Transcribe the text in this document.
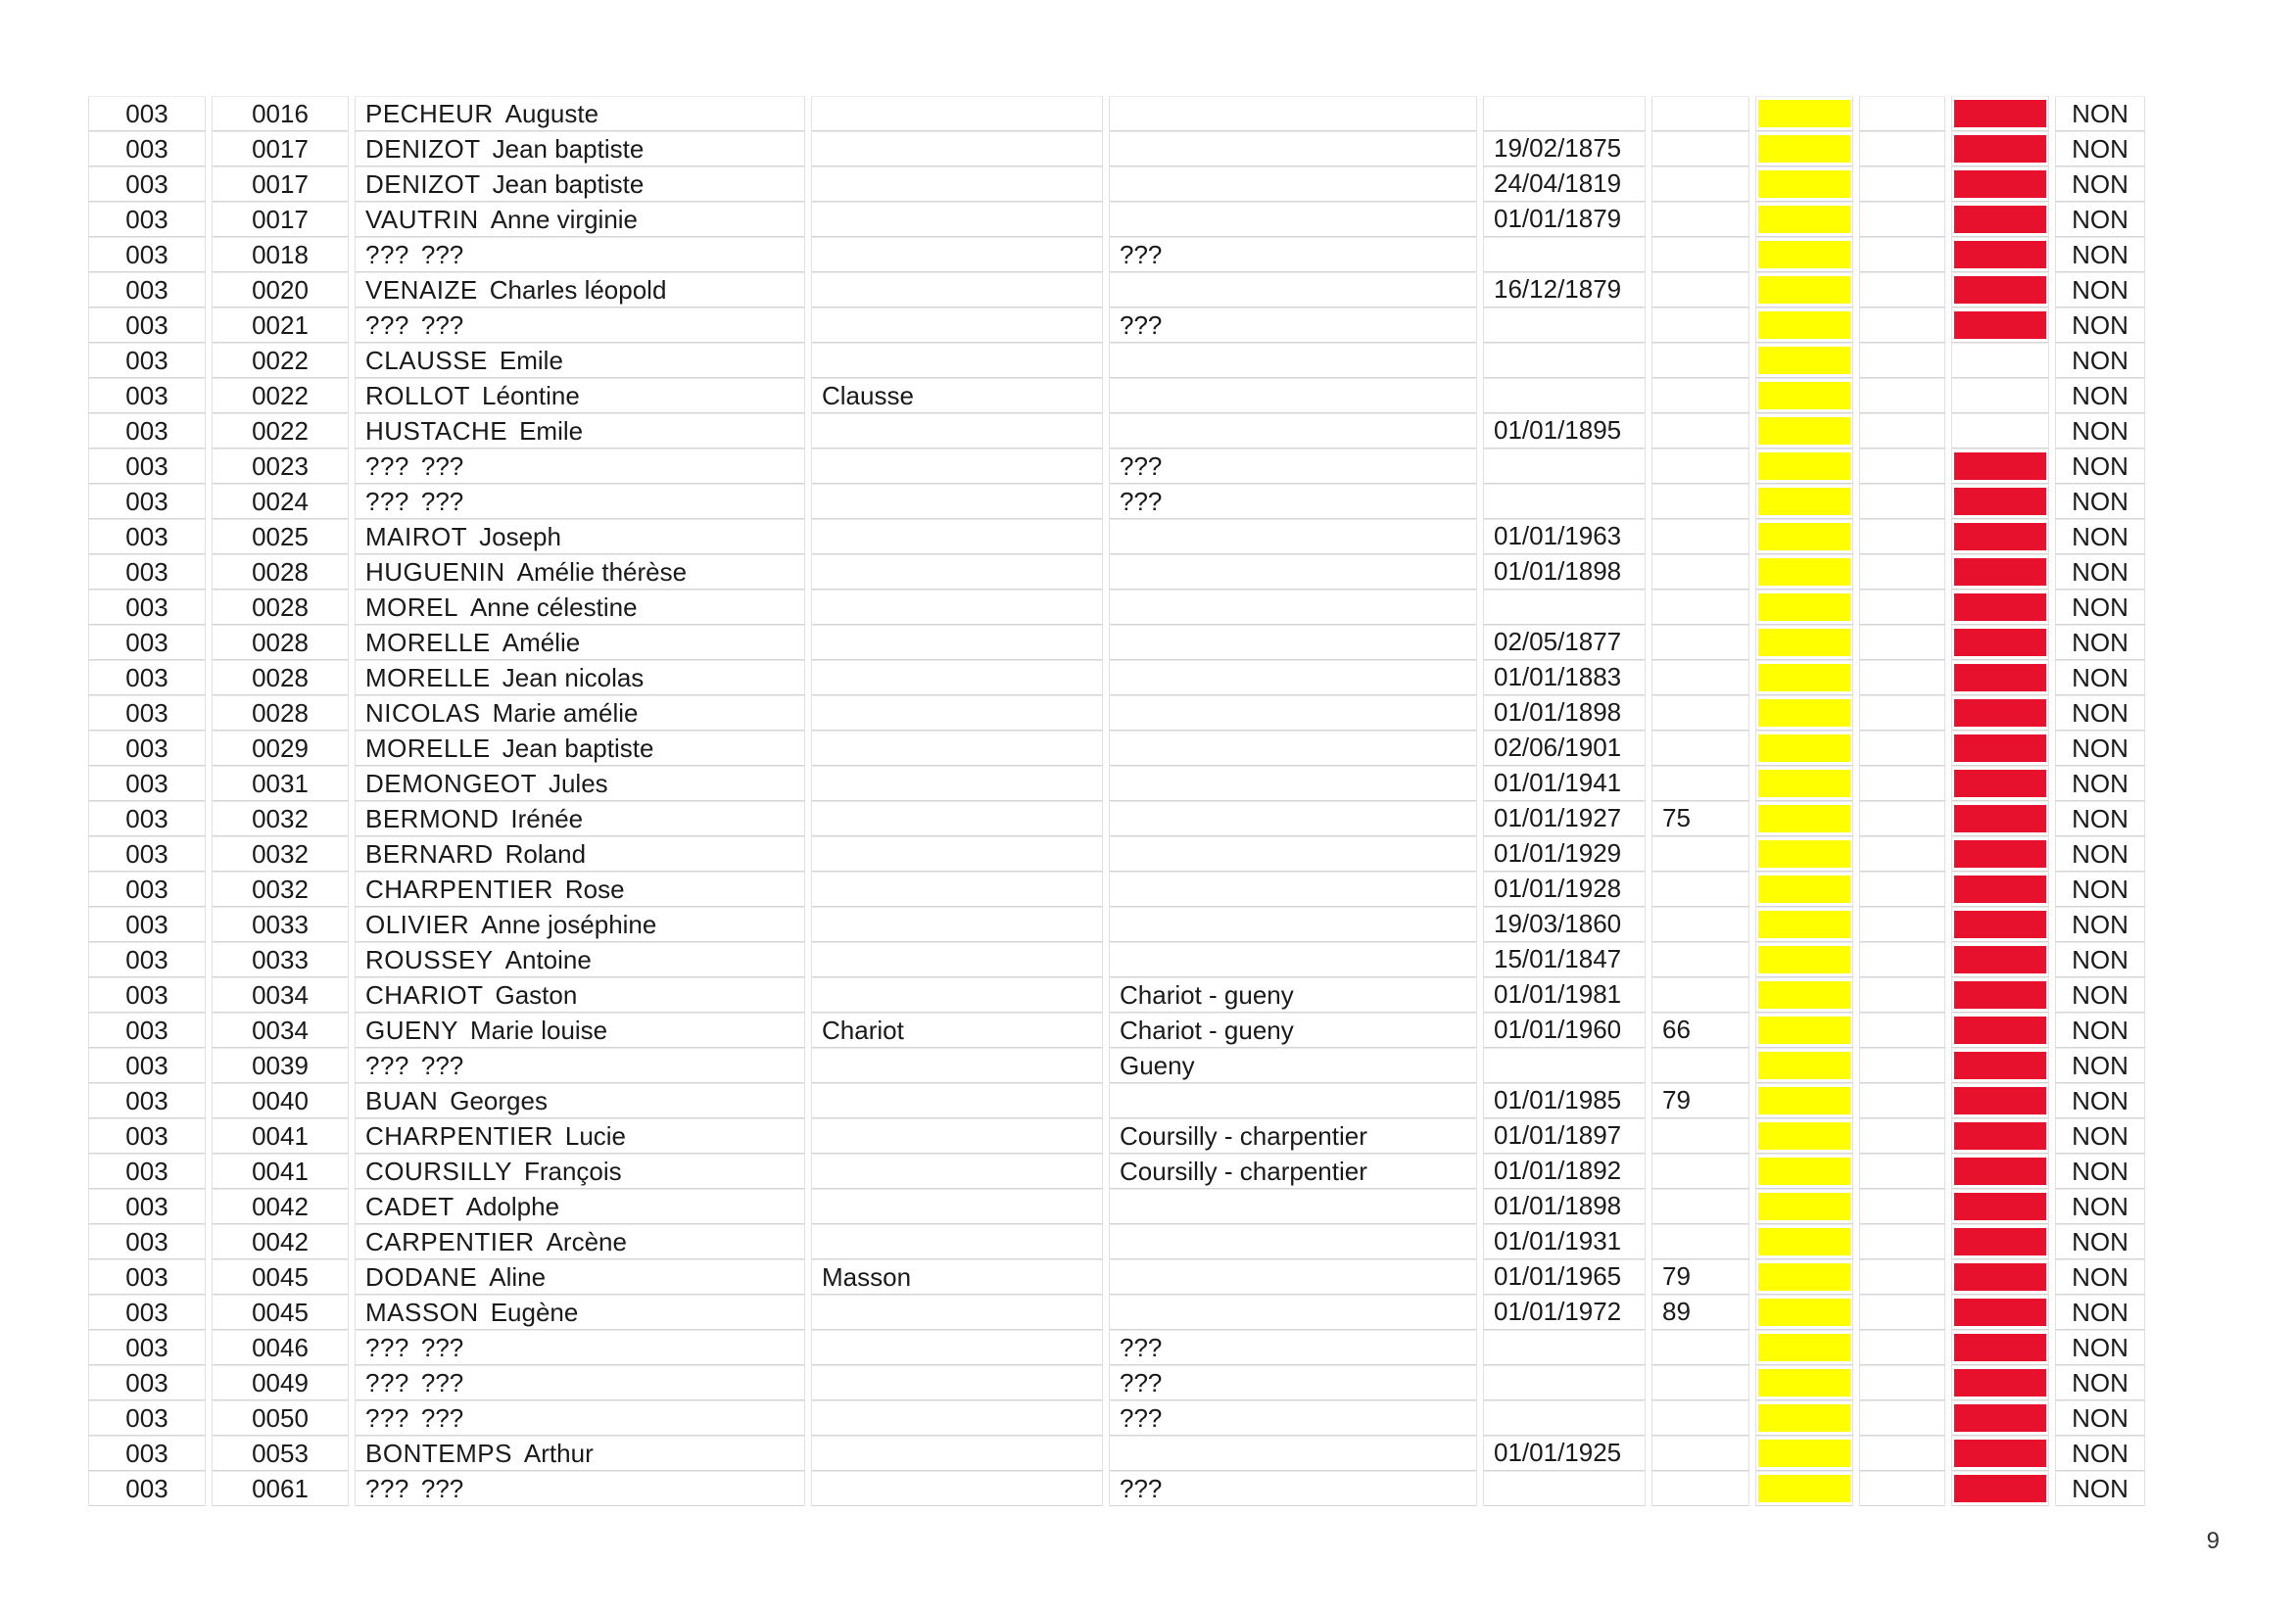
003	0016	PECHEUR Auguste								NON
003	0017	DENIZOT Jean baptiste			19/02/1875					NON
003	0017	DENIZOT Jean baptiste			24/04/1819					NON
003	0017	VAUTRIN Anne virginie			01/01/1879					NON
003	0018	??? ???		???						NON
003	0020	VENAIZE Charles léopold			16/12/1879					NON
003	0021	??? ???		???						NON
003	0022	CLAUSSE Emile								NON
003	0022	ROLLOT Léontine	Clausse							NON
003	0022	HUSTACHE Emile			01/01/1895					NON
003	0023	??? ???		???						NON
003	0024	??? ???		???						NON
003	0025	MAIROT Joseph			01/01/1963					NON
003	0028	HUGUENIN Amélie thérèse			01/01/1898					NON
003	0028	MOREL Anne célestine								NON
003	0028	MORELLE Amélie			02/05/1877					NON
003	0028	MORELLE Jean nicolas			01/01/1883					NON
003	0028	NICOLAS Marie amélie			01/01/1898					NON
003	0029	MORELLE Jean baptiste			02/06/1901					NON
003	0031	DEMONGEOT Jules			01/01/1941					NON
003	0032	BERMOND Irénée			01/01/1927	75				NON
003	0032	BERNARD Roland			01/01/1929					NON
003	0032	CHARPENTIER Rose			01/01/1928					NON
003	0033	OLIVIER Anne joséphine			19/03/1860					NON
003	0033	ROUSSEY Antoine			15/01/1847					NON
003	0034	CHARIOT Gaston		Chariot - gueny	01/01/1981					NON
003	0034	GUENY Marie louise	Chariot	Chariot - gueny	01/01/1960	66				NON
003	0039	??? ???		Gueny						NON
003	0040	BUAN Georges			01/01/1985	79				NON
003	0041	CHARPENTIER Lucie		Coursilly - charpentier	01/01/1897					NON
003	0041	COURSILLY François		Coursilly - charpentier	01/01/1892					NON
003	0042	CADET Adolphe			01/01/1898					NON
003	0042	CARPENTIER Arcène			01/01/1931					NON
003	0045	DODANE Aline	Masson		01/01/1965	79				NON
003	0045	MASSON Eugène			01/01/1972	89				NON
003	0046	??? ???		???						NON
003	0049	??? ???		???						NON
003	0050	??? ???		???						NON
003	0053	BONTEMPS Arthur			01/01/1925					NON
003	0061	??? ???		???						NON
9
